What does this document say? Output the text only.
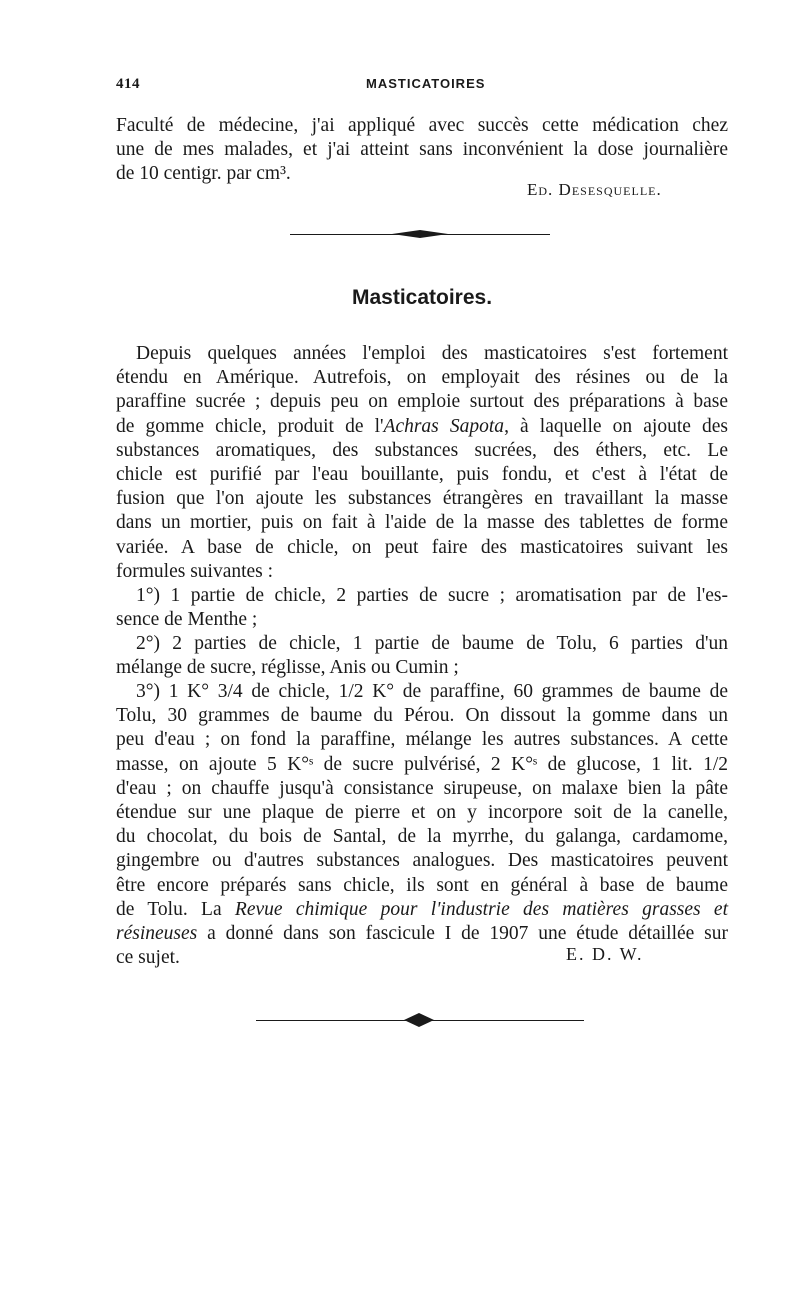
414	MASTICATOIRES

Faculté de médecine, j'ai appliqué avec succès cette médication chez
une de mes malades, et j'ai atteint sans inconvénient la dose journalière
de 10 centigr. par cm³.

Ed. Desesquelle.
Masticatoires.

Depuis quelques années l'emploi des masticatoires s'est fortement
étendu en Amérique. Autrefois, on employait des résines ou de la
paraffine sucrée ; depuis peu on emploie surtout des préparations à base
de gomme chicle, produit de l'Achras Sapota, à laquelle on ajoute des
substances aromatiques, des substances sucrées, des éthers, etc. Le
chicle est purifié par l'eau bouillante, puis fondu, et c'est à l'état de
fusion que l'on ajoute les substances étrangères en travaillant la masse
dans un mortier, puis on fait à l'aide de la masse des tablettes de forme
variée. A base de chicle, on peut faire des masticatoires suivant les
formules suivantes :

1°) 1 partie de chicle, 2 parties de sucre ; aromatisation par de l'es-
sence de Menthe ;

2°) 2 parties de chicle, 1 partie de baume de Tolu, 6 parties d'un
mélange de sucre, réglisse, Anis ou Cumin ;

3°) 1 K° 3/4 de chicle, 1/2 K° de paraffine, 60 grammes de baume de
Tolu, 30 grammes de baume du Pérou. On dissout la gomme dans un
peu d'eau ; on fond la paraffine, mélange les autres substances. A cette
masse, on ajoute 5 K°ˢ de sucre pulvérisé, 2 K°ˢ de glucose, 1 lit. 1/2
d'eau ; on chauffe jusqu'à consistance sirupeuse, on malaxe bien la pâte
étendue sur une plaque de pierre et on y incorpore soit de la canelle,
du chocolat, du bois de Santal, de la myrrhe, du galanga, cardamome,
gingembre ou d'autres substances analogues. Des masticatoires peuvent
être encore préparés sans chicle, ils sont en général à base de baume
de Tolu. La Revue chimique pour l'industrie des matières grasses et
résineuses a donné dans son fascicule I de 1907 une étude détaillée sur
ce sujet.	E. D. W.
